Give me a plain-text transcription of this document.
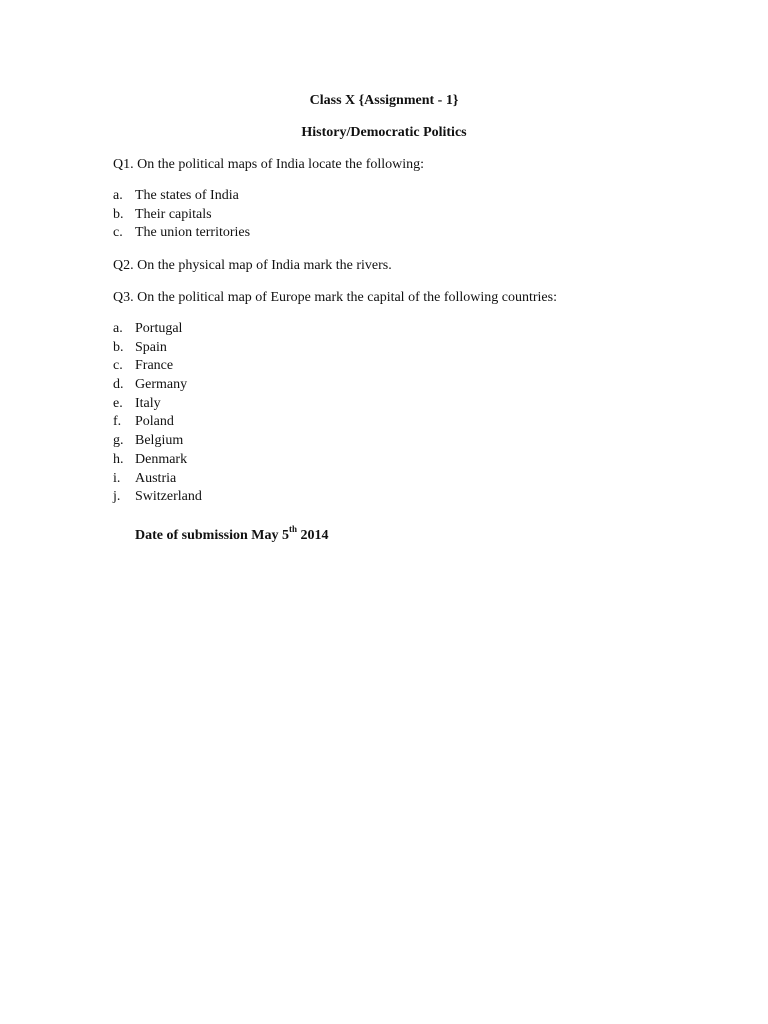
Class X {Assignment - 1}
History/Democratic Politics
Q1. On the political maps of India locate the following:
a. The states of India
b. Their capitals
c. The union territories
Q2. On the physical map of India mark the rivers.
Q3. On the political map of Europe mark the capital of the following countries:
a. Portugal
b. Spain
c. France
d. Germany
e. Italy
f. Poland
g. Belgium
h. Denmark
i.	Austria
j.	Switzerland
Date of submission May 5th 2014
